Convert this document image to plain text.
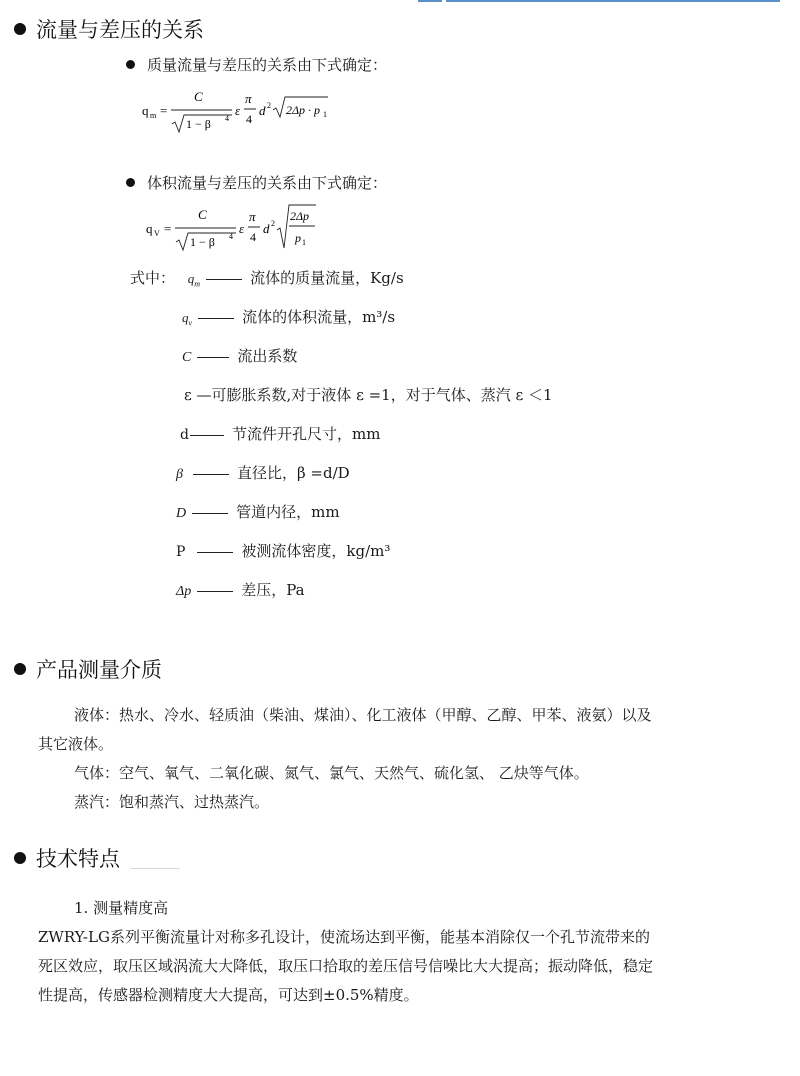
流量与差压的关系
质量流量与差压的关系由下式确定：
q m =
C
1 − β 4
ε
π
4
d 2 2Δp · p 1
体积流量与差压的关系由下式确定：
q V =
C
1 − β 4
ε
π
4
d 2
2Δp
p 1
式中： $q_m$	流体的质量流量，Kg/s
$q_v$	流体的体积流量，m³/s
C	流出系数
ε —可膨胀系数,对于液体 ε =1，对于气体、蒸汽 ε ＜1
d	节流件开孔尺寸，mm
β	直径比，β =d/D
D	管道内径，mm
P	被测流体密度，kg/m³
Δp	差压，Pa
产品测量介质
液体：热水、冷水、轻质油（柴油、煤油）、化工液体（甲醇、乙醇、甲苯、液氨）以及
其它液体。
气体：空气、氧气、二氧化碳、氮气、氯气、天然气、硫化氢、 乙炔等气体。
蒸汽：饱和蒸汽、过热蒸汽。
技术特点
1. 测量精度高
ZWRY-LG系列平衡流量计对称多孔设计，使流场达到平衡，能基本消除仅一个孔节流带来的
死区效应，取压区域涡流大大降低，取压口拾取的差压信号信噪比大大提高；振动降低，稳定
性提高，传感器检测精度大大提高，可达到±0.5%精度。
